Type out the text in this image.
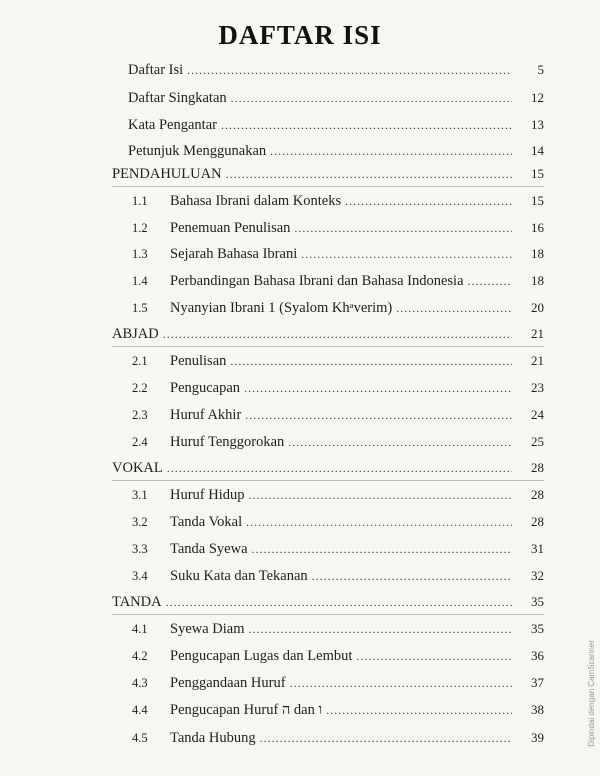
DAFTAR ISI
Daftar Isi .....	5
Daftar Singkatan .....	12
Kata Pengantar .....	13
Petunjuk Menggunakan .....	14
PENDAHULUAN .....	15
1.1	Bahasa Ibrani dalam Konteks .....	15
1.2	Penemuan Penulisan .....	16
1.3	Sejarah Bahasa Ibrani .....	18
1.4	Perbandingan Bahasa Ibrani dan Bahasa Indonesia .....	18
1.5	Nyanyian Ibrani 1 (Syalom Khᵃverim) .....	20
ABJAD .....	21
2.1	Penulisan .....	21
2.2	Pengucapan .....	23
2.3	Huruf Akhir .....	24
2.4	Huruf Tenggorokan .....	25
VOKAL .....	28
3.1	Huruf Hidup .....	28
3.2	Tanda Vokal .....	28
3.3	Tanda Syewa .....	31
3.4	Suku Kata dan Tekanan .....	32
TANDA .....	35
4.1	Syewa Diam .....	35
4.2	Pengucapan Lugas dan Lembut .....	36
4.3	Penggandaan Huruf .....	37
4.4	Pengucapan Huruf ה dan ו .....	38
4.5	Tanda Hubung .....	39	Dipindai dengan CamScanner
